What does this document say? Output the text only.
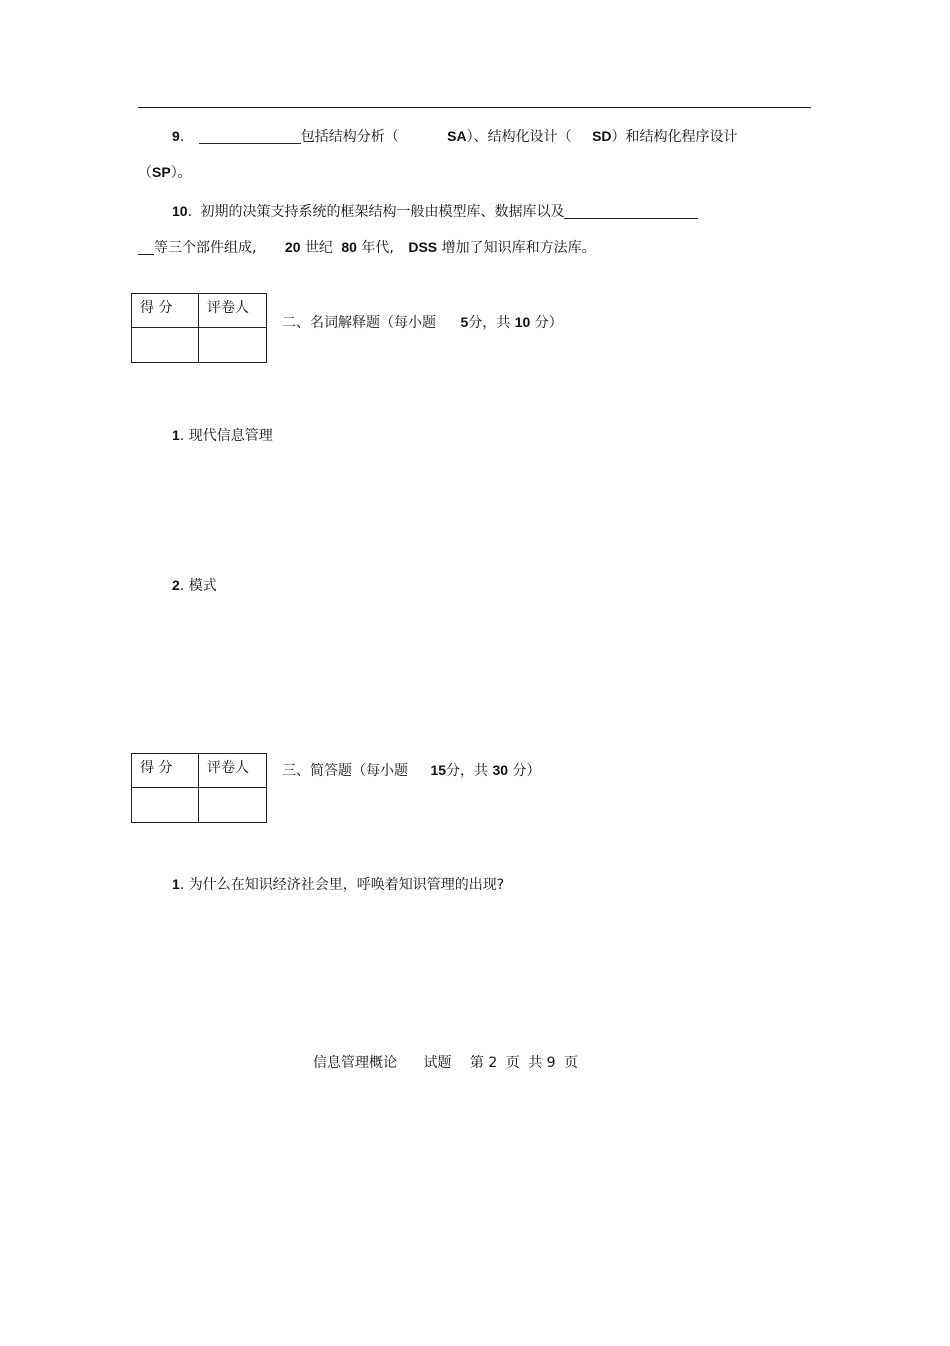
9.	包括结构分析（	SA）、结构化设计（ SD）和结构化程序设计
（SP）。
10. 初期的决策支持系统的框架结构一般由模型库、数据库以及
等三个部件组成, 20 世纪 80 年代, DSS 增加了知识库和方法库。
得 分	评卷人

二、名词解释题（每小题 5分，共 10 分）
1. 现代信息管理
2. 模式
得 分	评卷人
	三、简答题（每小题 15分，共 30 分）
1. 为什么在知识经济社会里，呼唤着知识管理的出现?
信息管理概论 试题 第 2 页 共 9 页
